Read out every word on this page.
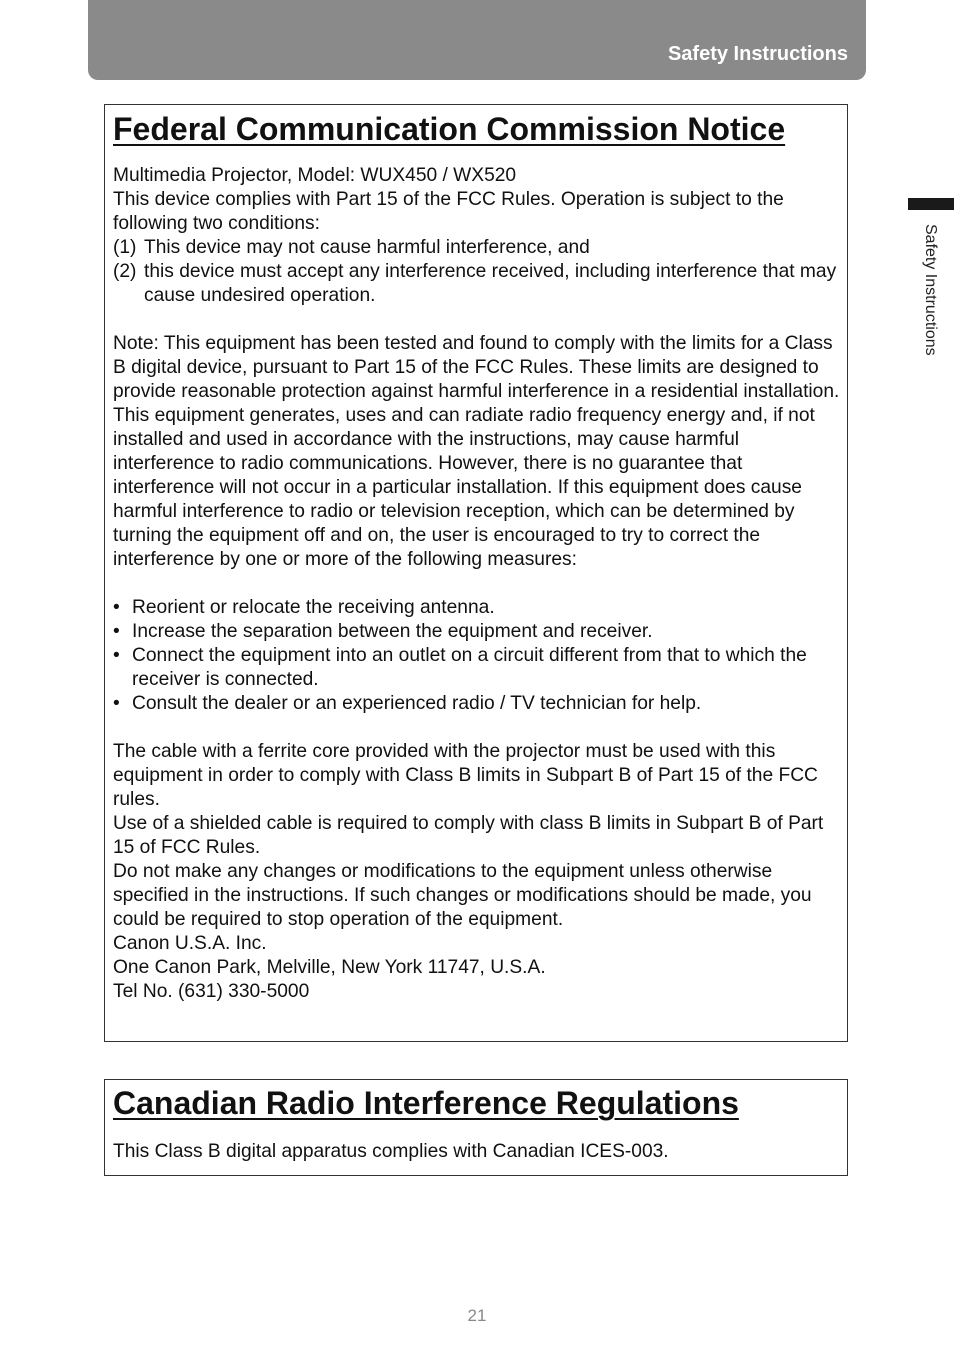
Safety Instructions
Safety Instructions
Federal Communication Commission Notice

Multimedia Projector, Model: WUX450 / WX520

This device complies with Part 15 of the FCC Rules. Operation is subject to the following two conditions:

(1) This device may not cause harmful interference, and
(2) this device must accept any interference received, including interference that may cause undesired operation.

Note: This equipment has been tested and found to comply with the limits for a Class B digital device, pursuant to Part 15 of the FCC Rules. These limits are designed to provide reasonable protection against harmful interference in a residential installation. This equipment generates, uses and can radiate radio frequency energy and, if not installed and used in accordance with the instructions, may cause harmful interference to radio communications. However, there is no guarantee that interference will not occur in a particular installation. If this equipment does cause harmful interference to radio or television reception, which can be determined by turning the equipment off and on, the user is encouraged to try to correct the interference by one or more of the following measures:

• Reorient or relocate the receiving antenna.
• Increase the separation between the equipment and receiver.
• Connect the equipment into an outlet on a circuit different from that to which the receiver is connected.
• Consult the dealer or an experienced radio / TV technician for help.

The cable with a ferrite core provided with the projector must be used with this equipment in order to comply with Class B limits in Subpart B of Part 15 of the FCC rules.

Use of a shielded cable is required to comply with class B limits in Subpart B of Part 15 of FCC Rules.

Do not make any changes or modifications to the equipment unless otherwise specified in the instructions. If such changes or modifications should be made, you could be required to stop operation of the equipment.

Canon U.S.A. Inc.

One Canon Park, Melville, New York 11747, U.S.A.

Tel No. (631) 330-5000

Canadian Radio Interference Regulations

This Class B digital apparatus complies with Canadian ICES-003.

21
